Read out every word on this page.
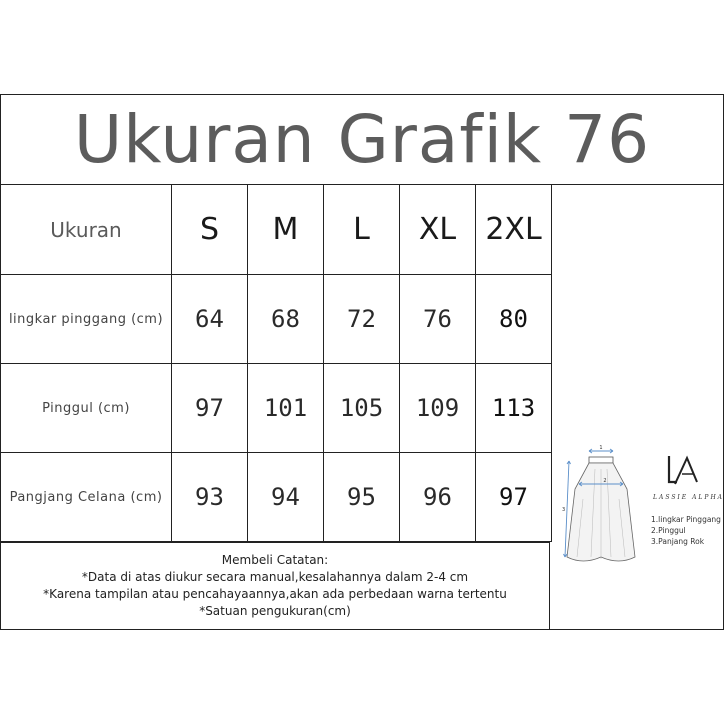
Ukuran Grafik 76
Ukuran	S	M	L	XL	2XL
lingkar pinggang (cm)	64	68	72	76	80
Pinggul (cm)	97	101	105	109	113
Pangjang Celana (cm)	93	94	95	96	97
Membeli Catatan:
*Data di atas diukur secara manual,kesalahannya dalam 2-4 cm
*Karena tampilan atau pencahayaannya,akan ada perbedaan warna tertentu
*Satuan pengukuran(cm)
1
2
3
LASSIE ALPHA
1.lingkar Pinggang
2.Pinggul
3.Panjang Rok
